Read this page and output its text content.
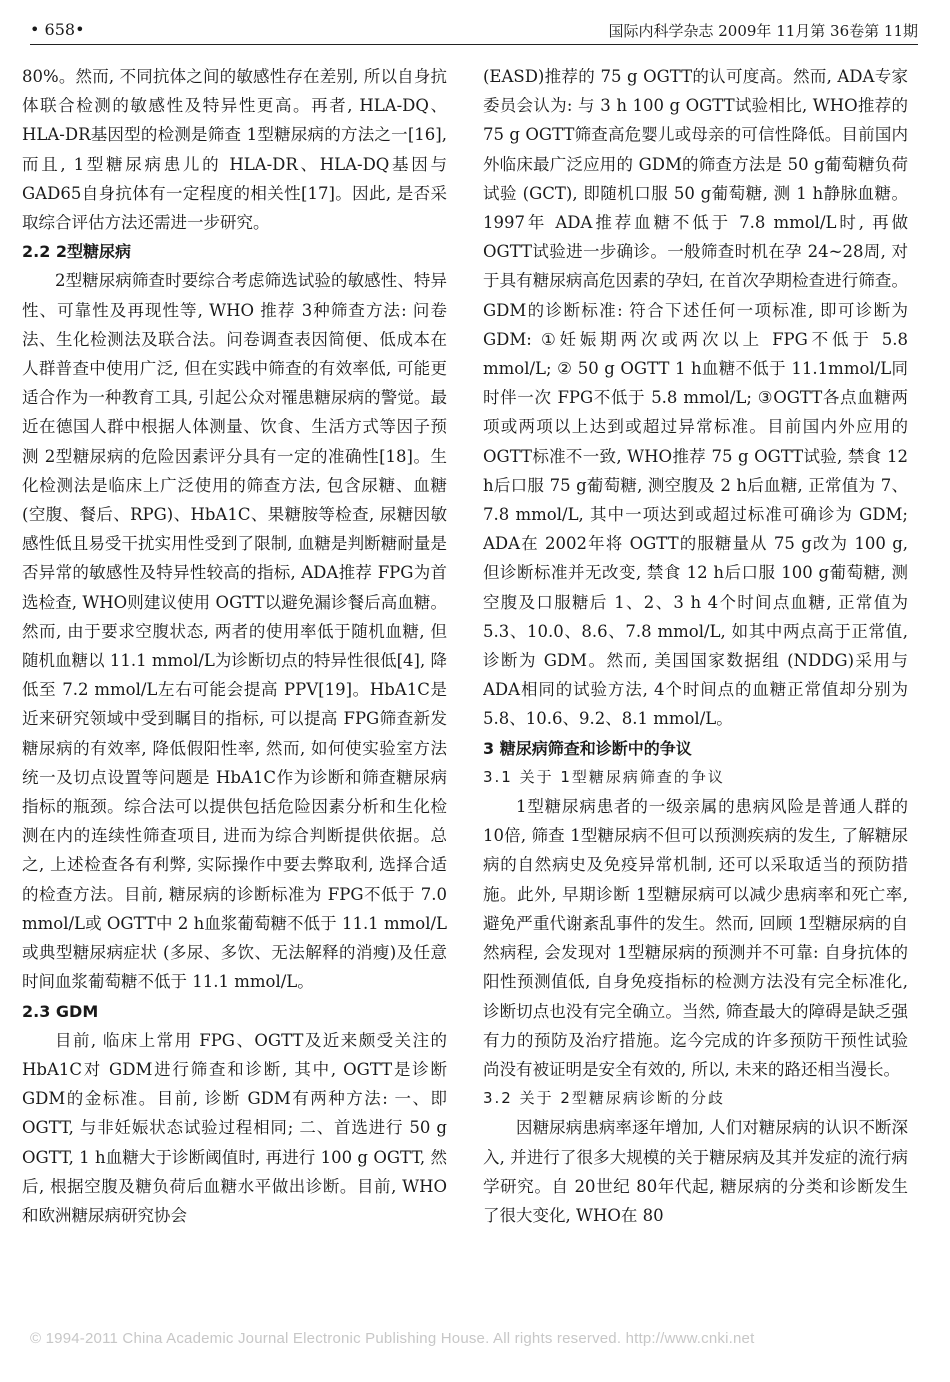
• 658•	国际内科学杂志 2009年 11月第 36卷第 11期

80%。然而, 不同抗体之间的敏感性存在差别, 所以自身抗体联合检测的敏感性及特异性更高。再者, HLA-DQ、HLA-DR基因型的检测是筛查 1型糖尿病的方法之一[16], 而且, 1型糖尿病患儿的 HLA-DR、HLA-DQ基因与 GAD65自身抗体有一定程度的相关性[17]。因此, 是否采取综合评估方法还需进一步研究。

2.2 2型糖尿病

2型糖尿病筛查时要综合考虑筛选试验的敏感性、特异性、可靠性及再现性等, WHO 推荐 3种筛查方法: 问卷法、生化检测法及联合法。问卷调查表因简便、低成本在人群普查中使用广泛, 但在实践中筛查的有效率低, 可能更适合作为一种教育工具, 引起公众对罹患糖尿病的警觉。最近在德国人群中根据人体测量、饮食、生活方式等因子预测 2型糖尿病的危险因素评分具有一定的准确性[18]。生化检测法是临床上广泛使用的筛查方法, 包含尿糖、血糖 (空腹、餐后、RPG)、HbA1C、果糖胺等检查, 尿糖因敏感性低且易受干扰实用性受到了限制, 血糖是判断糖耐量是否异常的敏感性及特异性较高的指标, ADA推荐 FPG为首选检查, WHO则建议使用 OGTT以避免漏诊餐后高血糖。然而, 由于要求空腹状态, 两者的使用率低于随机血糖, 但随机血糖以 11.1 mmol/L为诊断切点的特异性很低[4], 降低至 7.2 mmol/L左右可能会提高 PPV[19]。HbA1C是近来研究领域中受到瞩目的指标, 可以提高 FPG筛查新发糖尿病的有效率, 降低假阳性率, 然而, 如何使实验室方法统一及切点设置等问题是 HbA1C作为诊断和筛查糖尿病指标的瓶颈。综合法可以提供包括危险因素分析和生化检测在内的连续性筛查项目, 进而为综合判断提供依据。总之, 上述检查各有利弊, 实际操作中要去弊取利, 选择合适的检查方法。目前, 糖尿病的诊断标准为 FPG不低于 7.0 mmol/L或 OGTT中 2 h血浆葡萄糖不低于 11.1 mmol/L或典型糖尿病症状 (多尿、多饮、无法解释的消瘦)及任意时间血浆葡萄糖不低于 11.1 mmol/L。

2.3 GDM

目前, 临床上常用 FPG、OGTT及近来颇受关注的 HbA1C对 GDM进行筛查和诊断, 其中, OGTT是诊断 GDM的金标准。目前, 诊断 GDM有两种方法: 一、即 OGTT, 与非妊娠状态试验过程相同; 二、首选进行 50 g OGTT, 1 h血糖大于诊断阈值时, 再进行 100 g OGTT, 然后, 根据空腹及糖负荷后血糖水平做出诊断。目前, WHO和欧洲糖尿病研究协会

(EASD)推荐的 75 g OGTT的认可度高。然而, ADA专家委员会认为: 与 3 h 100 g OGTT试验相比, WHO推荐的 75 g OGTT筛查高危婴儿或母亲的可信性降低。目前国内外临床最广泛应用的 GDM的筛查方法是 50 g葡萄糖负荷试验 (GCT), 即随机口服 50 g葡萄糖, 测 1 h静脉血糖。1997年 ADA推荐血糖不低于 7.8 mmol/L时, 再做 OGTT试验进一步确诊。一般筛查时机在孕 24~28周, 对于具有糖尿病高危因素的孕妇, 在首次孕期检查进行筛查。GDM的诊断标准: 符合下述任何一项标准, 即可诊断为 GDM: ①妊娠期两次或两次以上 FPG不低于 5.8 mmol/L; ② 50 g OGTT 1 h血糖不低于 11.1mmol/L同时伴一次 FPG不低于 5.8 mmol/L; ③OGTT各点血糖两项或两项以上达到或超过异常标准。目前国内外应用的 OGTT标准不一致, WHO推荐 75 g OGTT试验, 禁食 12 h后口服 75 g葡萄糖, 测空腹及 2 h后血糖, 正常值为 7、7.8 mmol/L, 其中一项达到或超过标准可确诊为 GDM; ADA在 2002年将 OGTT的服糖量从 75 g改为 100 g, 但诊断标准并无改变, 禁食 12 h后口服 100 g葡萄糖, 测空腹及口服糖后 1、2、3 h 4个时间点血糖, 正常值为 5.3、10.0、8.6、7.8 mmol/L, 如其中两点高于正常值, 诊断为 GDM。然而, 美国国家数据组 (NDDG)采用与 ADA相同的试验方法, 4个时间点的血糖正常值却分别为 5.8、10.6、9.2、8.1 mmol/L。

3 糖尿病筛查和诊断中的争议

3.1 关于 1型糖尿病筛查的争议

1型糖尿病患者的一级亲属的患病风险是普通人群的 10倍, 筛查 1型糖尿病不但可以预测疾病的发生, 了解糖尿病的自然病史及免疫异常机制, 还可以采取适当的预防措施。此外, 早期诊断 1型糖尿病可以减少患病率和死亡率, 避免严重代谢紊乱事件的发生。然而, 回顾 1型糖尿病的自然病程, 会发现对 1型糖尿病的预测并不可靠: 自身抗体的阳性预测值低, 自身免疫指标的检测方法没有完全标准化, 诊断切点也没有完全确立。当然, 筛查最大的障碍是缺乏强有力的预防及治疗措施。迄今完成的许多预防干预性试验尚没有被证明是安全有效的, 所以, 未来的路还相当漫长。

3.2 关于 2型糖尿病诊断的分歧

因糖尿病患病率逐年增加, 人们对糖尿病的认识不断深入, 并进行了很多大规模的关于糖尿病及其并发症的流行病学研究。自 20世纪 80年代起, 糖尿病的分类和诊断发生了很大变化, WHO在 80

© 1994-2011 China Academic Journal Electronic Publishing House. All rights reserved. http://www.cnki.net
